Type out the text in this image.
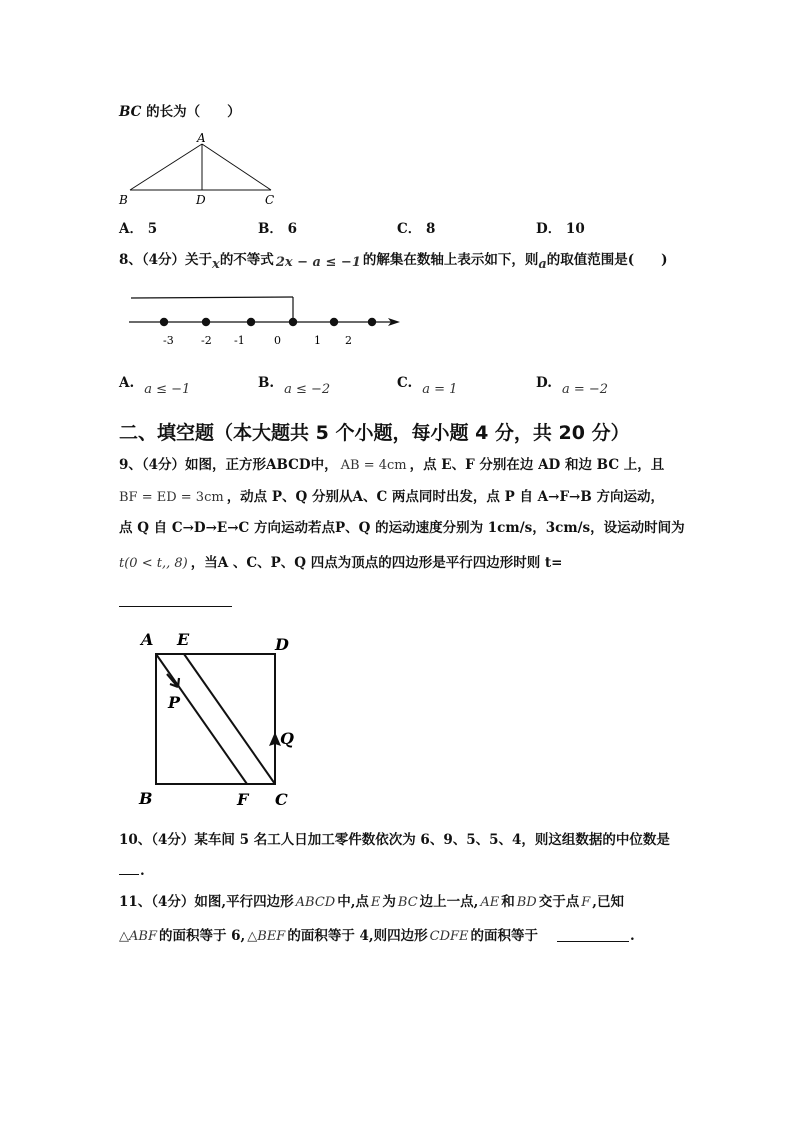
BC 的长为（　　）
A
B	D	C
A． 5	B． 6	C． 8	D． 10
8、（4分）关于x的不等式 2x − a ≤ −1 的解集在数轴上表示如下，则a的取值范围是(　　)
-3 -2 -1	0	1 2
A. a ≤ −1	B. a ≤ −2	C. a = 1	D. a = −2
二、填空题（本大题共 5 个小题，每小题 4 分，共 20 分）
9、（4分）如图，正方形ABCD中， AB = 4cm ，点 E、F 分别在边 AD 和边 BC 上，且
BF = ED = 3cm ，动点 P、Q 分别从A、C 两点同时出发，点 P 自 A→F→B 方向运动，
点 Q 自 C→D→E→C 方向运动若点P、Q 的运动速度分别为 1cm/s，3cm/s，设运动时间为
t(0 < t,, 8) ，当A 、C、P、Q 四点为顶点的四边形是平行四边形时则 t=
A E	D
P
Q
B	F C
10、（4分）某车间 5 名工人日加工零件数依次为 6、9、5、5、4，则这组数据的中位数是
.
11、（4分）如图,平行四边形 ABCD 中,点 E 为 BC 边上一点, AE 和 BD 交于点 F ,已知
△ABF 的面积等于 6, △BEF 的面积等于 4,则四边形 CDFE 的面积等于	.
